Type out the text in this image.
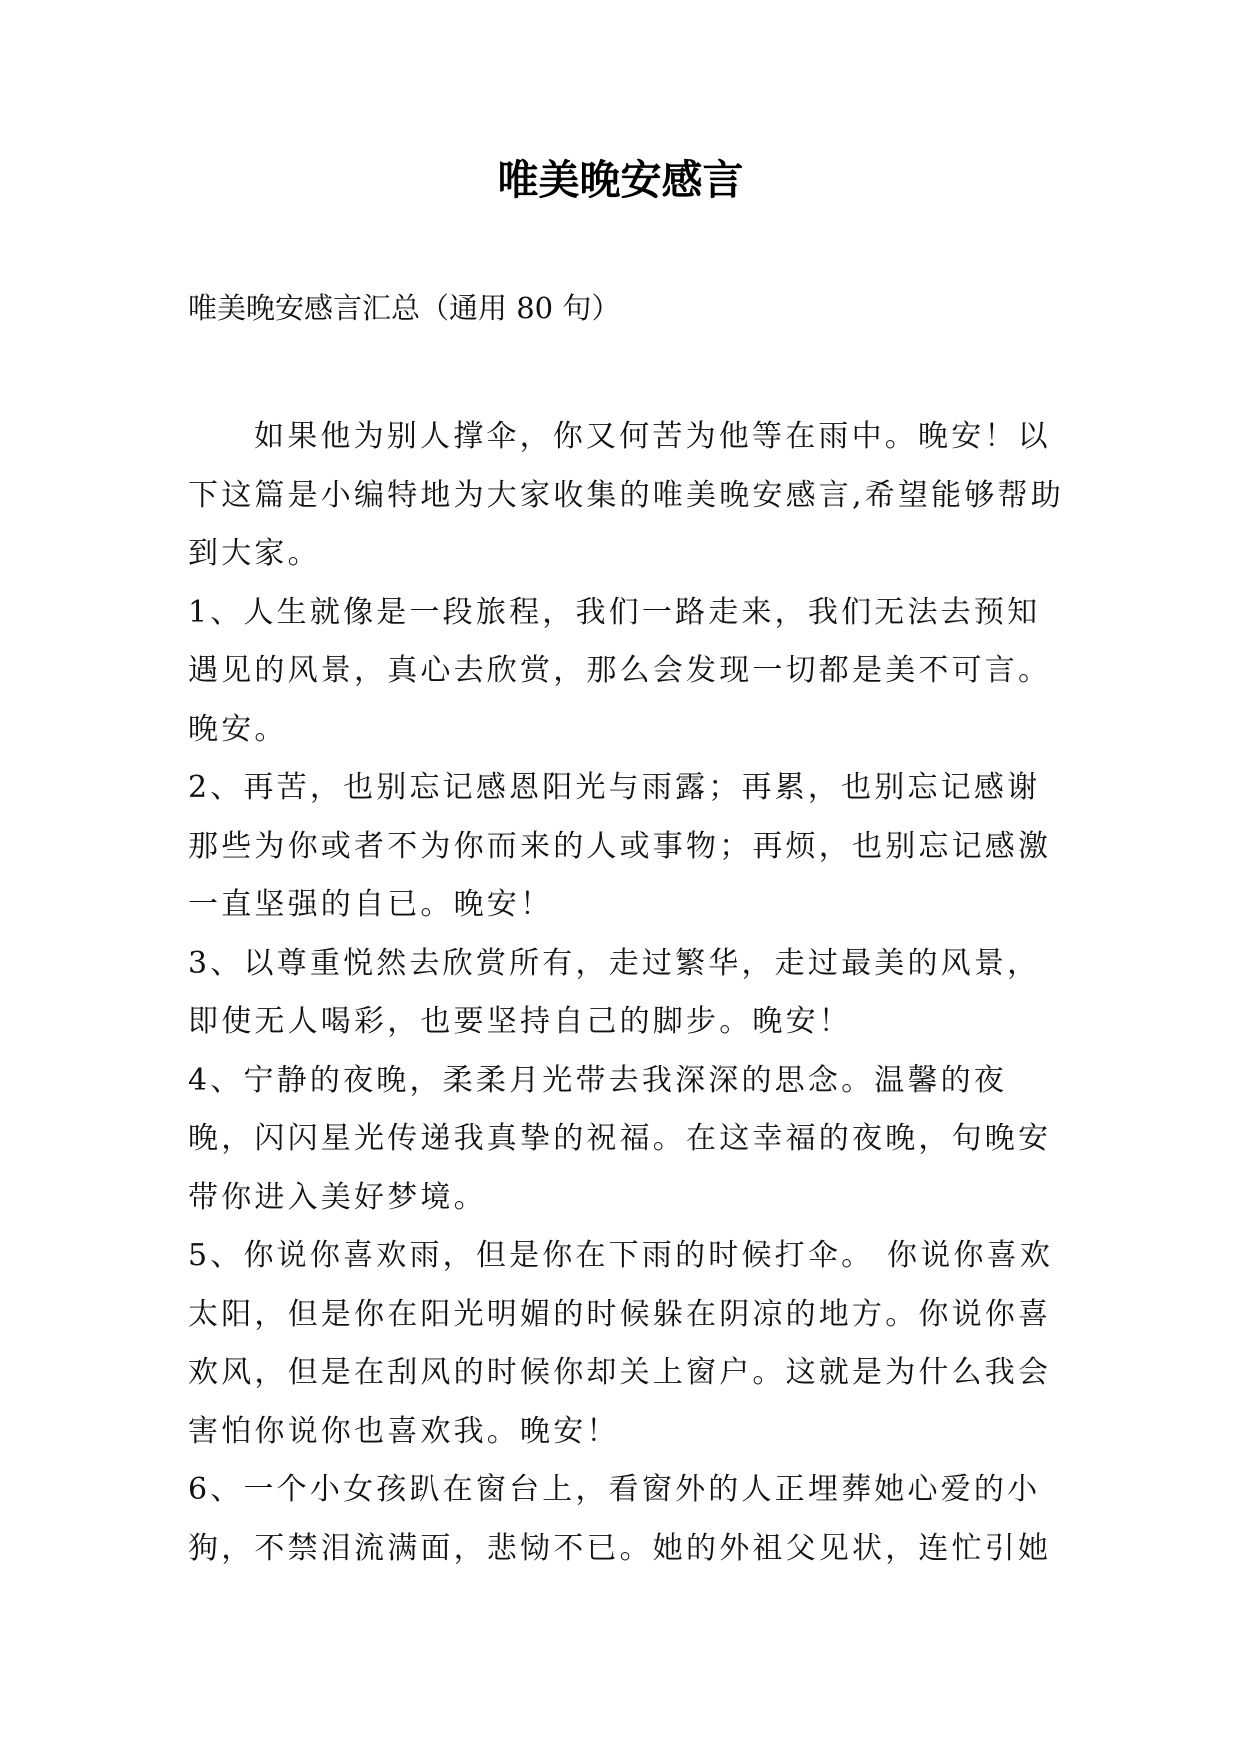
唯美晚安感言

唯美晚安感言汇总（通用 80 句）

如果他为别人撑伞，你又何苦为他等在雨中。晚安！以下这篇是小编特地为大家收集的唯美晚安感言,希望能够帮助到大家。

1、人生就像是一段旅程，我们一路走来，我们无法去预知遇见的风景，真心去欣赏，那么会发现一切都是美不可言。晚安。

2、再苦，也别忘记感恩阳光与雨露；再累，也别忘记感谢那些为你或者不为你而来的人或事物；再烦，也别忘记感激一直坚强的自已。晚安！

3、以尊重悦然去欣赏所有，走过繁华，走过最美的风景，即使无人喝彩，也要坚持自己的脚步。晚安！

4、宁静的夜晚，柔柔月光带去我深深的思念。温馨的夜晚，闪闪星光传递我真挚的祝福。在这幸福的夜晚，句晚安带你进入美好梦境。

5、你说你喜欢雨，但是你在下雨的时候打伞。 你说你喜欢太阳，但是你在阳光明媚的时候躲在阴凉的地方。你说你喜欢风，但是在刮风的时候你却关上窗户。这就是为什么我会害怕你说你也喜欢我。晚安！

6、一个小女孩趴在窗台上，看窗外的人正埋葬她心爱的小狗，不禁泪流满面，悲恸不已。她的外祖父见状，连忙引她
